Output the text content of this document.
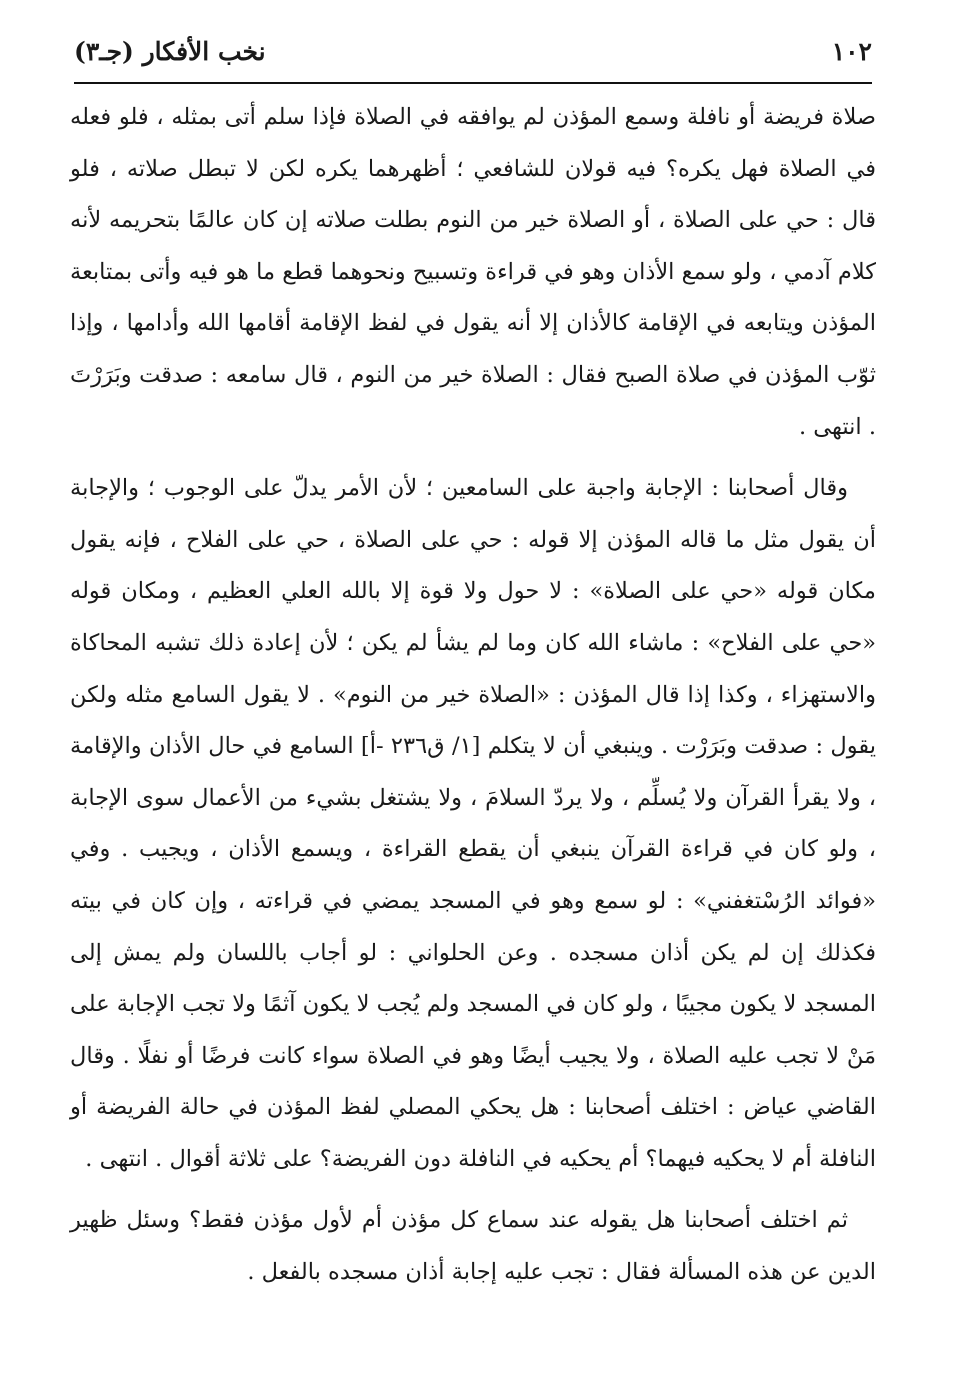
١٠٢
نخب الأفكار (جـ٣)

صلاة فريضة أو نافلة وسمع المؤذن لم يوافقه في الصلاة فإذا سلم أتى بمثله ، فلو فعله في الصلاة فهل يكره؟ فيه قولان للشافعي ؛ أظهرهما يكره لكن لا تبطل صلاته ، فلو قال : حي على الصلاة ، أو الصلاة خير من النوم بطلت صلاته إن كان عالمًا بتحريمه لأنه كلام آدمي ، ولو سمع الأذان وهو في قراءة وتسبيح ونحوهما قطع ما هو فيه وأتى بمتابعة المؤذن ويتابعه في الإقامة كالأذان إلا أنه يقول في لفظ الإقامة أقامها الله وأدامها ، وإذا ثوّب المؤذن في صلاة الصبح فقال : الصلاة خير من النوم ، قال سامعه : صدقت وبَرَرْتَ . انتهى .

وقال أصحابنا : الإجابة واجبة على السامعين ؛ لأن الأمر يدلّ على الوجوب ؛ والإجابة أن يقول مثل ما قاله المؤذن إلا قوله : حي على الصلاة ، حي على الفلاح ، فإنه يقول مكان قوله «حي على الصلاة» : لا حول ولا قوة إلا بالله العلي العظيم ، ومكان قوله «حي على الفلاح» : ماشاء الله كان وما لم يشأ لم يكن ؛ لأن إعادة ذلك تشبه المحاكاة والاستهزاء ، وكذا إذا قال المؤذن : «الصلاة خير من النوم» . لا يقول السامع مثله ولكن يقول : صدقت وبَرَرْت . وينبغي أن لا يتكلم [١/ ق٢٣٦ -أ] السامع في حال الأذان والإقامة ، ولا يقرأ القرآن ولا يُسلِّم ، ولا يردّ السلامَ ، ولا يشتغل بشيء من الأعمال سوى الإجابة ، ولو كان في قراءة القرآن ينبغي أن يقطع القراءة ، ويسمع الأذان ، ويجيب . وفي «فوائد الرُسْتغفني» : لو سمع وهو في المسجد يمضي في قراءته ، وإن كان في بيته فكذلك إن لم يكن أذان مسجده . وعن الحلواني : لو أجاب باللسان ولم يمش إلى المسجد لا يكون مجيبًا ، ولو كان في المسجد ولم يُجب لا يكون آثمًا ولا تجب الإجابة على مَنْ لا تجب عليه الصلاة ، ولا يجيب أيضًا وهو في الصلاة سواء كانت فرضًا أو نفلًا . وقال القاضي عياض : اختلف أصحابنا : هل يحكي المصلي لفظ المؤذن في حالة الفريضة أو النافلة أم لا يحكيه فيهما؟ أم يحكيه في النافلة دون الفريضة؟ على ثلاثة أقوال . انتهى .

ثم اختلف أصحابنا هل يقوله عند سماع كل مؤذن أم لأول مؤذن فقط؟ وسئل ظهير الدين عن هذه المسألة فقال : تجب عليه إجابة أذان مسجده بالفعل .
